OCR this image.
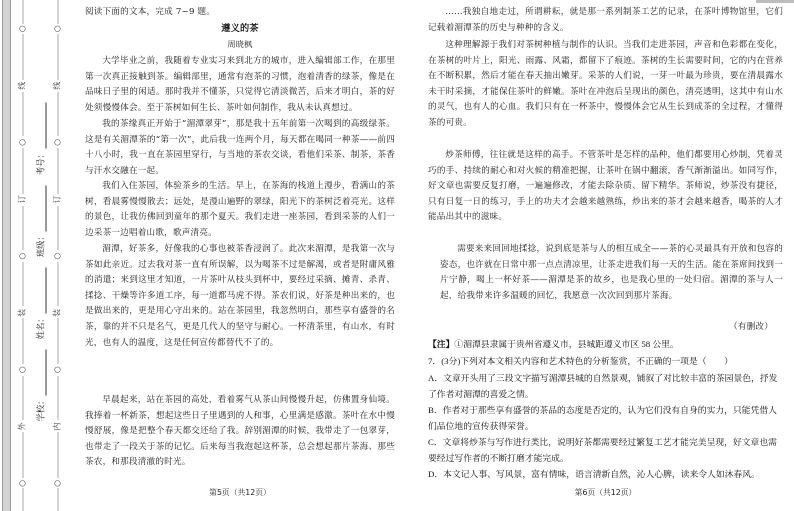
○
外
○
装
○
订
○
线
○
学校：
姓名：
班级：
考号：
○
内
○
装
○
订
○
线
○

阅读下面的文本，完成 7~9 题。

遵义的茶

周晓枫

大学毕业之前，我随着专业实习来到北方的城市，进入编辑部工作，在那里第一次真正接触到茶。编辑部里，通常有泡茶的习惯，泡着清香的绿茶，像是在品味日子里的闲适。那时我并不懂茶，只觉得它清淡微苦，后来才明白，茶的好处须慢慢体会。至于茶树如何生长、茶叶如何制作，我从未认真想过。

我的茶缘真正开始于“湄潭翠芽”，那是我十五年前第一次喝到的高级绿茶。这是有关湄潭茶的“第一次”，此后我一连两个月，每天都在喝同一种茶——前四十八小时，我一直在茶园里穿行，与当地的茶农交谈，看他们采茶、制茶，茶香与汗水交融在一起。

我们入住茶园，体验茶乡的生活。早上，在茶海的栈道上漫步，看满山的茶树，看晨雾慢慢散去；远处，是漫山遍野的翠绿，阳光下的茶树泛着亮光。这样的景色，让我仿佛回到童年的那个夏天。我们走进一座茶园，看到采茶的人们一边采茶一边唱着山歌，歌声清亮。

湄潭，好茶多，好像我的心事也被茶香浸润了。此次来湄潭，是我第一次与茶如此亲近。过去我对茶一直有所误解，以为喝茶不过是解渴，或者是附庸风雅的消遣；来到这里才知道，一片茶叶从枝头到杯中，要经过采摘、摊青、杀青、揉捻、干燥等许多道工序，每一道都马虎不得。茶农们说，好茶是种出来的，也是做出来的，更是用心守出来的。站在茶园里，我忽然明白，那些享有盛誉的名茶，靠的并不只是名气，更是几代人的坚守与耐心。一杯清茶里，有山水，有时光，也有人的温度，这是任何宣传都替代不了的。

早晨起来，站在茶园的高处，看着雾气从茶山间慢慢升起，仿佛置身仙境。我捧着一杯新茶，想起这些日子里遇到的人和事，心里满是感激。茶叶在水中慢慢舒展，像是把整个春天都交还给了我。辞别湄潭的时候，我带走了一包翠芽，也带走了一段关于茶的记忆。后来每当我泡起这杯茶，总会想起那片茶海、那些茶农，和那段清澈的时光。

第5页（共12页）

……我独自地走过，所谓耕耘，就是那一系列制茶工艺的记录，在茶叶博物馆里，它们记载着湄潭茶的历史与种种的含义。

这种理解源于我们对茶树种植与制作的认识。当我们走进茶园，声音和色彩都在变化，在茶树的叶片上，阳光、雨露、风霜，都留下了痕迹。茶树的生长需要时间，它的内在营养在不断积累，然后才能在春天抽出嫩芽。采茶的人们说，一芽一叶最为珍贵，要在清晨露水未干时采摘，才能保住茶叶的鲜嫩。茶叶在冲泡后呈现出的颜色，清亮透明，这其中有山水的灵气，也有人的心血。我们只有在一杯茶中，慢慢体会它从生长到成茶的全过程，才懂得茶的可贵。

炒茶师傅，往往就是这样的高手。不管茶叶是怎样的品种，他们都要用心炒制，凭着灵巧的手、持续的耐心和对火候的精准把握，让茶叶在锅中翻滚，香气渐渐溢出。如同写作，好文章也需要反复打磨，一遍遍修改，才能去除杂质、留下精华。茶师说，炒茶没有捷径，只有日复一日的练习，手上的功夫才会越来越熟练，炒出来的茶才会越来越香，喝茶的人才能品出其中的滋味。

需要来来回回地揉捻，说到底是茶与人的相互成全——茶的心灵最具有开放和包容的姿态，也许就在日常中那一点点清凉里，让茶走进我们每一天的生活。能在茶席间找到一片宁静，喝上一杯好茶——湄潭是茶的故乡，也是我心里的一处归宿。湄潭的茶与人一起，给我带来许多温暖的回忆，我愿意一次次回到那片茶海。

（有删改）

【注】①湄潭县隶属于贵州省遵义市，县城距遵义市区 58 公里。

7．(3分)下列对本文相关内容和艺术特色的分析鉴赏，不正确的一项是（　　）

A．文章开头用了三段文字描写湄潭县城的自然景观，铺叙了对比较丰富的茶园景色，抒发了作者对湄潭的喜爱之情。

B．作者对于那些享有盛誉的茶品的态度是否定的，认为它们没有自身的实力，只能凭借人们品位地的宣传获得荣誉。

C．文章将炒茶与写作进行类比，说明好茶都需要经过繁复工艺才能完美呈现，好文章也需要经过写作者的不断打磨才能完成。

D．本文记人事、写风景，富有情味，语言清新自然，沁人心脾，读来令人如沐春风。

第6页（共12页）
